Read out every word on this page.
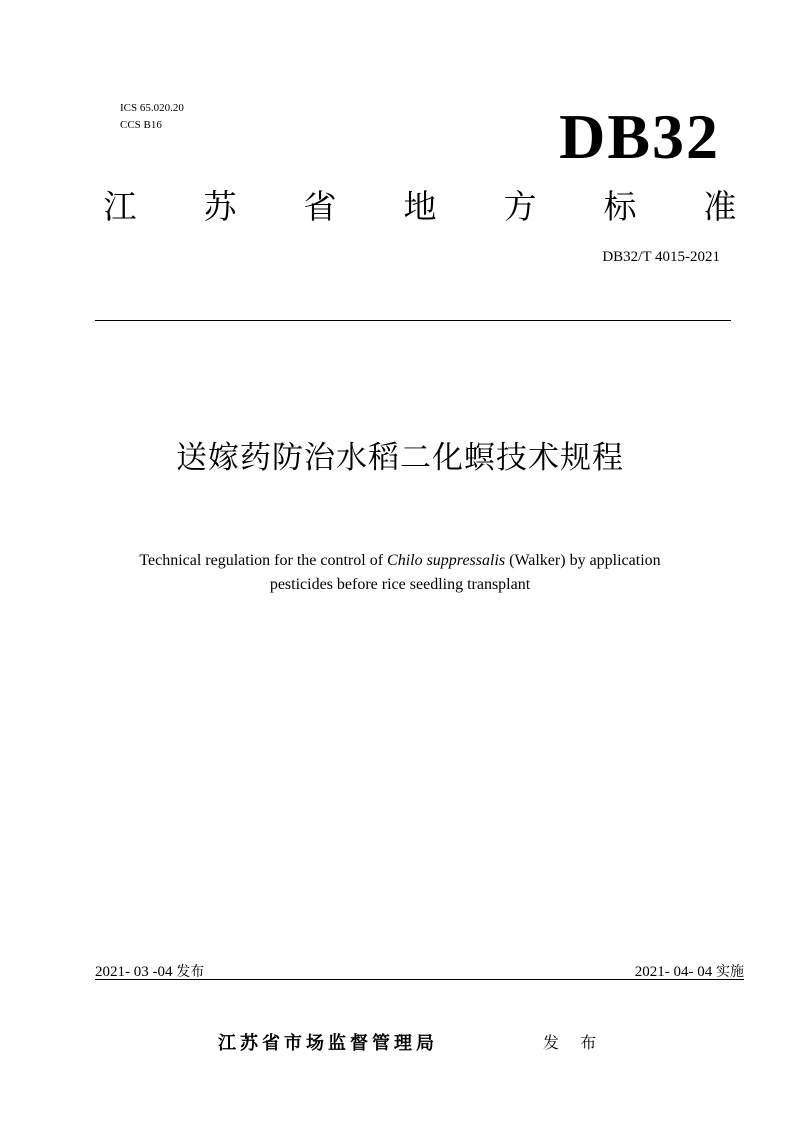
ICS 65.020.20
CCS B16	DB32
江 苏 省 地 方 标 准
DB32/T 4015-2021
送嫁药防治水稻二化螟技术规程
Technical regulation for the control of Chilo suppressalis (Walker) by application
pesticides before rice seedling transplant
2021- 03 -04 发布	2021- 04- 04 实施
江苏省市场监督管理局	发 布
